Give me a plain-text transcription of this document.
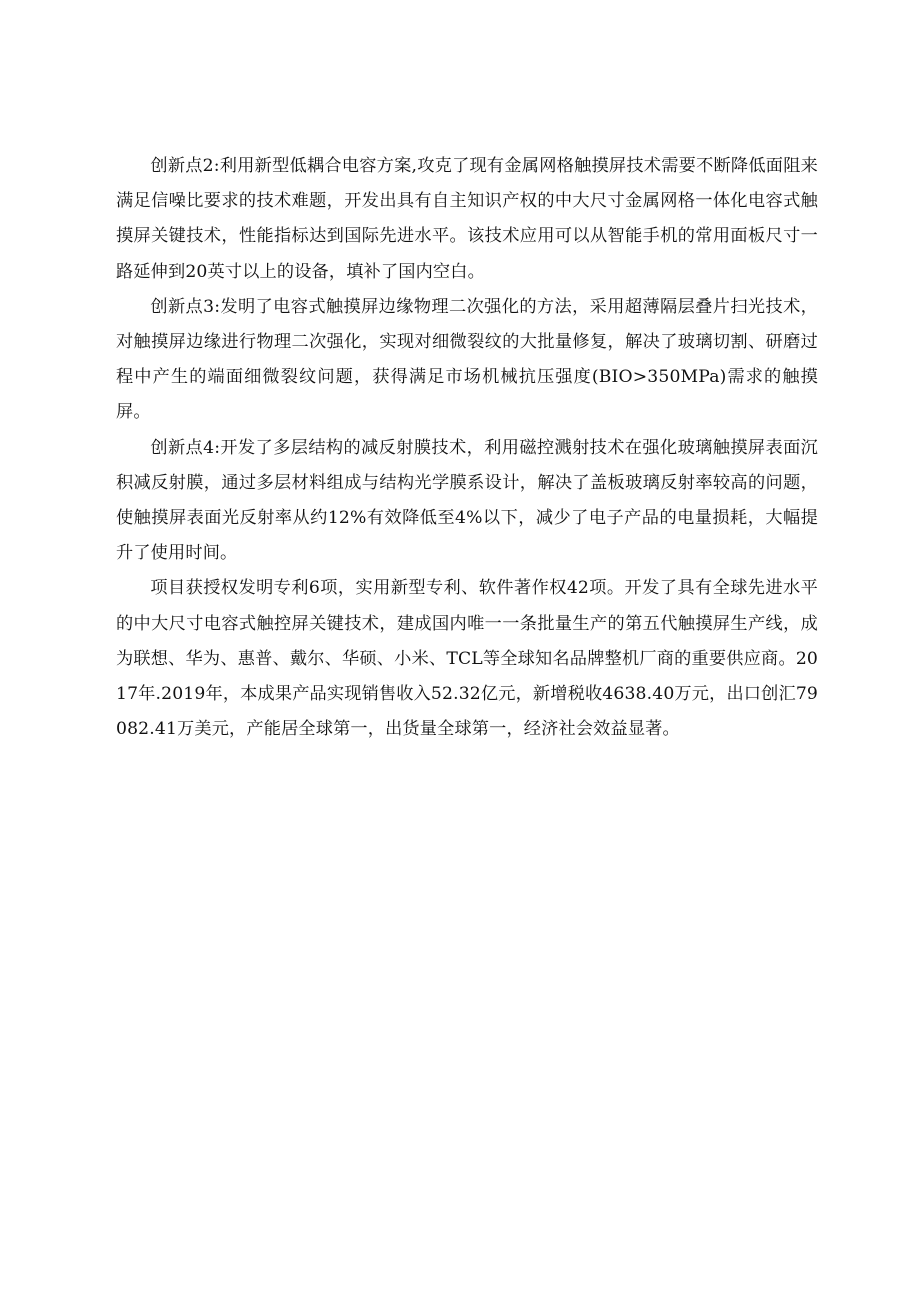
创新点2:利用新型低耦合电容方案,攻克了现有金属网格触摸屏技术需要不断降低面阻来满足信噪比要求的技术难题，开发出具有自主知识产权的中大尺寸金属网格一体化电容式触摸屏关键技术，性能指标达到国际先进水平。该技术应用可以从智能手机的常用面板尺寸一路延伸到20英寸以上的设备，填补了国内空白。

创新点3:发明了电容式触摸屏边缘物理二次强化的方法，采用超薄隔层叠片扫光技术，对触摸屏边缘进行物理二次强化，实现对细微裂纹的大批量修复，解决了玻璃切割、研磨过程中产生的端面细微裂纹问题，获得满足市场机械抗压强度(BIO>350MPa)需求的触摸屏。

创新点4:开发了多层结构的减反射膜技术，利用磁控溅射技术在强化玻璃触摸屏表面沉积减反射膜，通过多层材料组成与结构光学膜系设计，解决了盖板玻璃反射率较高的问题，使触摸屏表面光反射率从约12%有效降低至4%以下，减少了电子产品的电量损耗，大幅提升了使用时间。

项目获授权发明专利6项，实用新型专利、软件著作权42项。开发了具有全球先进水平的中大尺寸电容式触控屏关键技术，建成国内唯一一条批量生产的第五代触摸屏生产线，成为联想、华为、惠普、戴尔、华硕、小米、TCL等全球知名品牌整机厂商的重要供应商。2017年.2019年，本成果产品实现销售收入52.32亿元，新增税收4638.40万元，出口创汇79082.41万美元，产能居全球第一，出货量全球第一，经济社会效益显著。
